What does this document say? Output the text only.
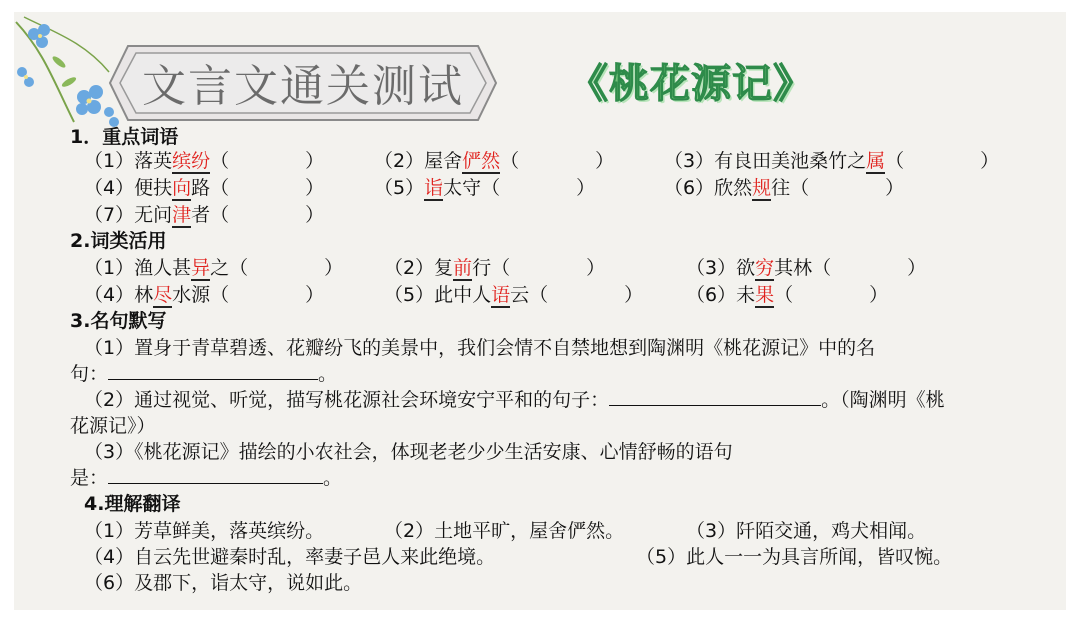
文言文通关测试	《桃花源记》
1．重点词语
（1）落英缤纷（　　　　）	（2）屋舍俨然（　　　　）	（3）有良田美池桑竹之属（　　　　）
（4）便扶向路（　　　　）	（5）诣太守（　　　　）	（6）欣然规往（　　　　）
（7）无问津者（　　　　）
2.词类活用
（1）渔人甚异之（　　　　） （2）复前行（　　　　）	（3）欲穷其林（　　　　）
（4）林尽水源（　　　　）	（5）此中人语云（　　　　） （6）未果（　　　　）
3.名句默写
（1）置身于青草碧透、花瓣纷飞的美景中，我们会情不自禁地想到陶渊明《桃花源记》中的名
句：	。
（2）通过视觉、听觉，描写桃花源社会环境安宁平和的句子：	。（陶渊明《桃
花源记》）
（3）《桃花源记》描绘的小农社会，体现老老少少生活安康、心情舒畅的语句
是：	。
4.理解翻译
（1）芳草鲜美，落英缤纷。	（2）土地平旷，屋舍俨然。	（3）阡陌交通，鸡犬相闻。
（4）自云先世避秦时乱，率妻子邑人来此绝境。	（5）此人一一为具言所闻，皆叹惋。
（6）及郡下，诣太守，说如此。
